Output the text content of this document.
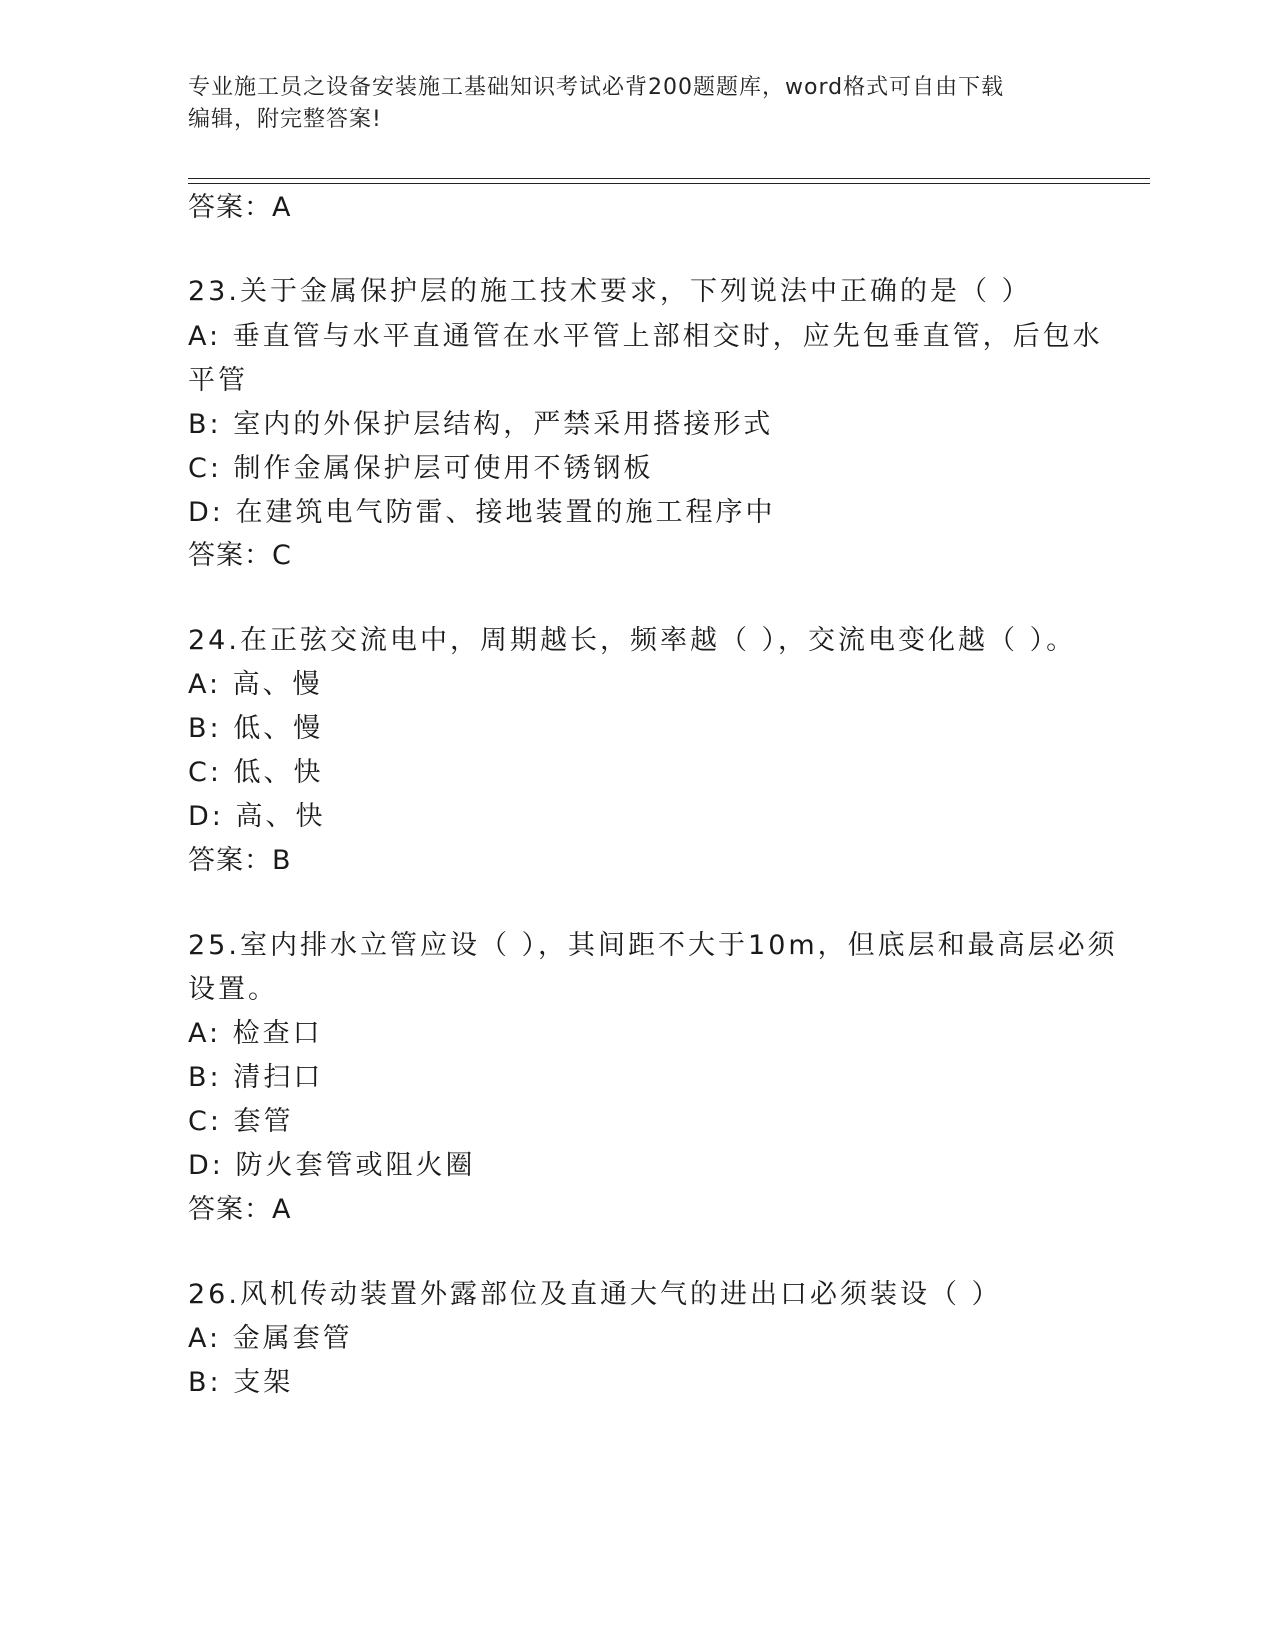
专业施工员之设备安装施工基础知识考试必背200题题库，word格式可自由下载
编辑，附完整答案!
答案：A
23.关于金属保护层的施工技术要求，下列说法中正确的是（ ）
A: 垂直管与水平直通管在水平管上部相交时，应先包垂直管，后包水
平管
B: 室内的外保护层结构，严禁采用搭接形式
C: 制作金属保护层可使用不锈钢板
D: 在建筑电气防雷、接地装置的施工程序中
答案：C
24.在正弦交流电中，周期越长，频率越（ ），交流电变化越（ ）。
A: 高、慢
B: 低、慢
C: 低、快
D: 高、快
答案：B
25.室内排水立管应设（ ），其间距不大于10m，但底层和最高层必须
设置。
A: 检查口
B: 清扫口
C: 套管
D: 防火套管或阻火圈
答案：A
26.风机传动装置外露部位及直通大气的进出口必须装设（ ）
A: 金属套管
B: 支架
